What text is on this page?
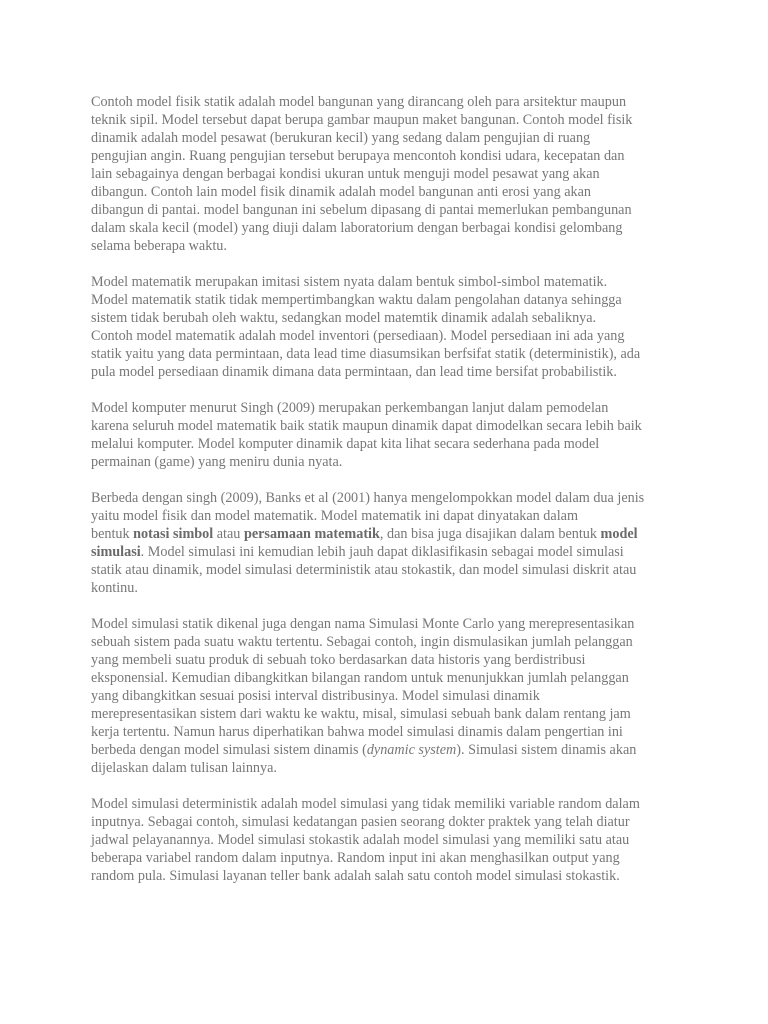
Contoh model fisik statik adalah model bangunan yang dirancang oleh para arsitektur maupun
teknik sipil. Model tersebut dapat berupa gambar maupun maket bangunan. Contoh model fisik
dinamik adalah model pesawat (berukuran kecil) yang sedang dalam pengujian di ruang
pengujian angin. Ruang pengujian tersebut berupaya mencontoh kondisi udara, kecepatan dan
lain sebagainya dengan berbagai kondisi ukuran untuk menguji model pesawat yang akan
dibangun. Contoh lain model fisik dinamik adalah model bangunan anti erosi yang akan
dibangun di pantai. model bangunan ini sebelum dipasang di pantai memerlukan pembangunan
dalam skala kecil (model) yang diuji dalam laboratorium dengan berbagai kondisi gelombang
selama beberapa waktu.

Model matematik merupakan imitasi sistem nyata dalam bentuk simbol-simbol matematik.
Model matematik statik tidak mempertimbangkan waktu dalam pengolahan datanya sehingga
sistem tidak berubah oleh waktu, sedangkan model matemtik dinamik adalah sebaliknya.
Contoh model matematik adalah model inventori (persediaan). Model persediaan ini ada yang
statik yaitu yang data permintaan, data lead time diasumsikan berfsifat statik (deterministik), ada
pula model persediaan dinamik dimana data permintaan, dan lead time bersifat probabilistik.

Model komputer menurut Singh (2009) merupakan perkembangan lanjut dalam pemodelan
karena seluruh model matematik baik statik maupun dinamik dapat dimodelkan secara lebih baik
melalui komputer. Model komputer dinamik dapat kita lihat secara sederhana pada model
permainan (game) yang meniru dunia nyata.

Berbeda dengan singh (2009), Banks et al (2001) hanya mengelompokkan model dalam dua jenis
yaitu model fisik dan model matematik. Model matematik ini dapat dinyatakan dalam
bentuk notasi simbol atau persamaan matematik, dan bisa juga disajikan dalam bentuk model
simulasi. Model simulasi ini kemudian lebih jauh dapat diklasifikasin sebagai model simulasi
statik atau dinamik, model simulasi deterministik atau stokastik, dan model simulasi diskrit atau
kontinu.

Model simulasi statik dikenal juga dengan nama Simulasi Monte Carlo yang merepresentasikan
sebuah sistem pada suatu waktu tertentu. Sebagai contoh, ingin dismulasikan jumlah pelanggan
yang membeli suatu produk di sebuah toko berdasarkan data historis yang berdistribusi
eksponensial. Kemudian dibangkitkan bilangan random untuk menunjukkan jumlah pelanggan
yang dibangkitkan sesuai posisi interval distribusinya. Model simulasi dinamik
merepresentasikan sistem dari waktu ke waktu, misal, simulasi sebuah bank dalam rentang jam
kerja tertentu. Namun harus diperhatikan bahwa model simulasi dinamis dalam pengertian ini
berbeda dengan model simulasi sistem dinamis (dynamic system). Simulasi sistem dinamis akan
dijelaskan dalam tulisan lainnya.

Model simulasi deterministik adalah model simulasi yang tidak memiliki variable random dalam
inputnya. Sebagai contoh, simulasi kedatangan pasien seorang dokter praktek yang telah diatur
jadwal pelayanannya. Model simulasi stokastik adalah model simulasi yang memiliki satu atau
beberapa variabel random dalam inputnya. Random input ini akan menghasilkan output yang
random pula. Simulasi layanan teller bank adalah salah satu contoh model simulasi stokastik.
